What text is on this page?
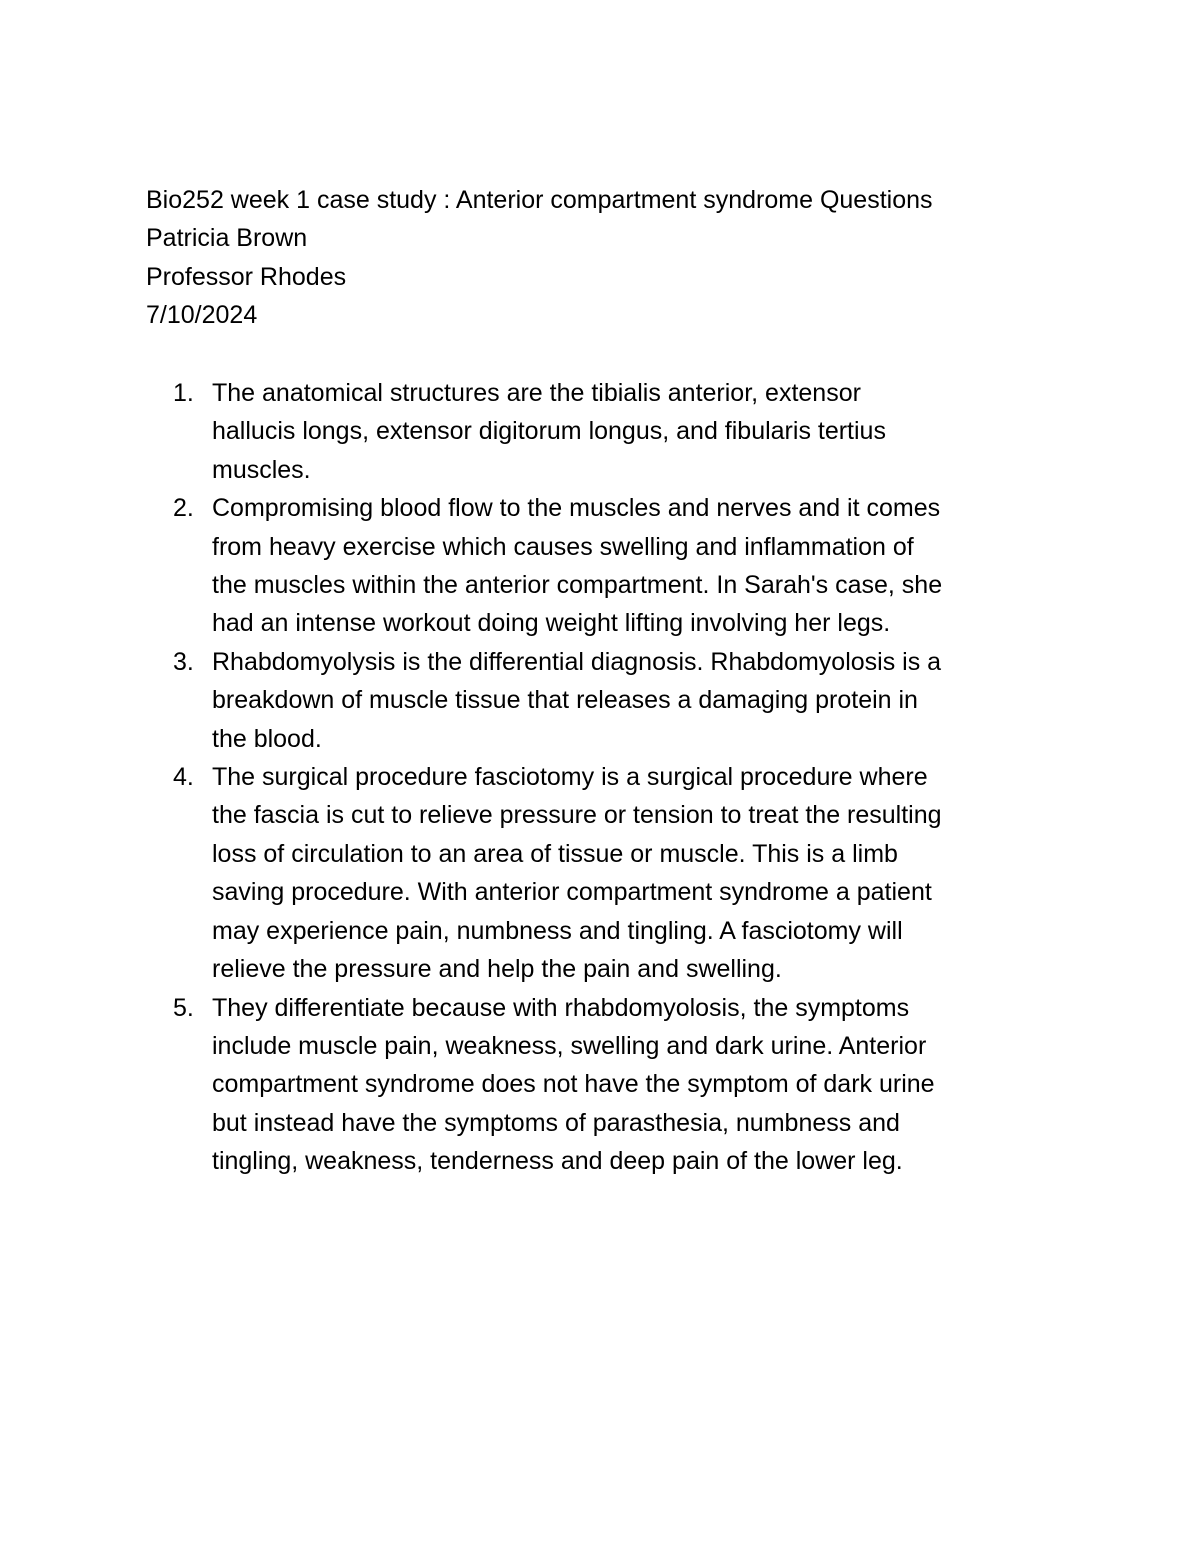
Bio252 week 1 case study : Anterior compartment syndrome Questions
Patricia Brown
Professor Rhodes
7/10/2024
1. The anatomical structures are the tibialis anterior, extensor
hallucis longs, extensor digitorum longus, and fibularis tertius
muscles.
2. Compromising blood flow to the muscles and nerves and it comes
from heavy exercise which causes swelling and inflammation of
the muscles within the anterior compartment. In Sarah's case, she
had an intense workout doing weight lifting involving her legs.
3. Rhabdomyolysis is the differential diagnosis. Rhabdomyolosis is a
breakdown of muscle tissue that releases a damaging protein in
the blood.
4. The surgical procedure fasciotomy is a surgical procedure where
the fascia is cut to relieve pressure or tension to treat the resulting
loss of circulation to an area of tissue or muscle. This is a limb
saving procedure. With anterior compartment syndrome a patient
may experience pain, numbness and tingling. A fasciotomy will
relieve the pressure and help the pain and swelling.
5. They differentiate because with rhabdomyolosis, the symptoms
include muscle pain, weakness, swelling and dark urine. Anterior
compartment syndrome does not have the symptom of dark urine
but instead have the symptoms of parasthesia, numbness and
tingling, weakness, tenderness and deep pain of the lower leg.
